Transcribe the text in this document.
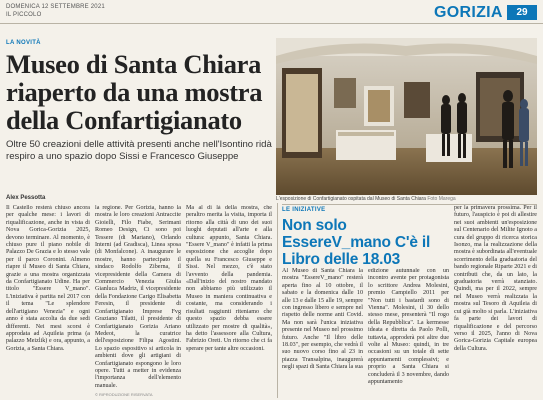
DOMENICA 12 SETTEMBRE 2021
IL PICCOLO	GORIZIA	29
LA NOVITÀ
Museo di Santa Chiara riaperto da una mostra della Confartigianato
Oltre 50 creazioni delle attività presenti anche nell'Isontino ridà respiro a uno spazio dopo Sissi e Francesco Giuseppe
L'esposizione di Confartigianato ospitata dal Museo di Santa Chiara Foto Marega
Alex Pessotta
Il Castello resterà chiuso ancora per qualche mese: i lavori di riqualificazione, anche in vista di Nova Gorica-Gorizia 2025, devono terminare. Al momento, è chiuso pure il piano nobile di Palazzo De Grazia e lo stesso vale per il parco Coronini. Almeno riapre il Museo di Santa Chiara, grazie a una mostra organizzata da Confartigianato Udine. Ha per titolo "Essere V_mano". L'iniziativa è partita nel 2017 con il tema "Le splendore dell'artigiano Veneziа" e ogni anno è stata accolta da due sedi differenti. Nei mesi scorsi è approdata ad Aquileia prima (a palazzo Meizlik) e ora, appunto, a Gorizia, a Santa Chiara.
la regione. Per Gorizia, hanno la mostra le loro creazioni Antraccite Gioielli, Filo Fiabe, Serimani Romeo Design, Ci sono poi Tessere (di Mariano), Orlando Interni (ad Gradisca), Linea sposa (di Monfalcone). A inaugurare le mostre, hanno partecipato il sindaco Rodolfo Ziberna, il vicepresidente della Camera di Commercio Venezia Giulia Gianluca Madriz, il vicepresidente della Fondazione Carigo Elisabetta Feresin, il presidente di Confartigianato Imprese Fvg Graziano Tilatti, il presidente di Confartigianato Gorizia Ariano Medeot, la curatrice dell'esposizione Filipa Agostini. Lo spazio espositivo si articola in ambienti dove gli artigiani di Confartigianato espongono le loro opere. Tutti a metter in evidenza l'importanza dell'elemento manuale.
Ma al di là della mostra, che peraltro merita la visita, importa il ritorno alla città di uno dei suoi luoghi deputati all'arte e alla cultura: appunto, Santa Chiara. "Essere V_mano" è infatti la prima esposizione che accoglie dopo quella su Francesco Giuseppe e Sissi. Nel mezzo, c'è stato l'avvento della pandemia. «Dall'inizio del nostro mandato non abbiamo più utilizzato il Museo in maniera continuativa e costante, ma considerando i risultati raggiunti riteniamo che questo spazio debba essere utilizzato per mostre di qualità», ha detto l'assessore alla Cultura, Fabrizio Oreti. Un ritorno che ci fa sperare per tante altre occasioni.
LE INIZIATIVE
Non solo EssereV_mano C'è il Libro delle 18.03
Al Museo di Santa Chiara la mostra "EssereV_mano" resterà aperta fino al 10 ottobre, il sabato e la domenica dalle 10 alle 13 e dalle 15 alle 19, sempre con ingresso libero e sempre nel rispetto delle norme anti Covid. Ma non sarà l'unica iniziativa presente nel Museo nel prossimo futuro. Anche "Il libro delle 18.03", per esempio, che vedrà il suo nuovo corso fino al 23 in piazza Transalpina, inaugurerà negli spazi di Santa Chiara la sua
edizione autunnale con un incontro avente per protagonista lo scrittore Andrea Molesini, premio Campiello 2011 per "Non tutti i bastardi sono di Vienna". Molesini, il 30 dello stesso mese, presenterà "Il rogo della Repubblica". La kermesse ideata e diretta da Paolo Polli, tuttavia, approderà poi altre due volte al Museo: quindi, in tre occasioni su un totale di sette appuntamenti complessivi; e proprio a Santa Chiara si concluderà il 3 novembre, dando appuntamento
per la primavera prossima. Per il futuro, l'auspicio è poi di allestire nei suoi ambienti un'esposizione sul Centenario del Milite Ignoto a cura del gruppo di ricerca storica Isonzo, ma la realizzazione della mostra è subordinata all'eventuale scorrimento della graduatoria del bando regionale Riparte 2021 e di contributi che, da un lato, la graduatoria verrà stanziato. Quindi, ma per il 2022, sempre nel Museo verrà realizzata la mostra sul Tesoro di Aquileia di cui già molto si parla. L'iniziativa fa parte dei lavori di riqualificazione e del percorso verso il 2025, l'anno di Nova Gorica-Gorizia Capitale europea della Cultura.
© RIPRODUZIONE RISERVATA
